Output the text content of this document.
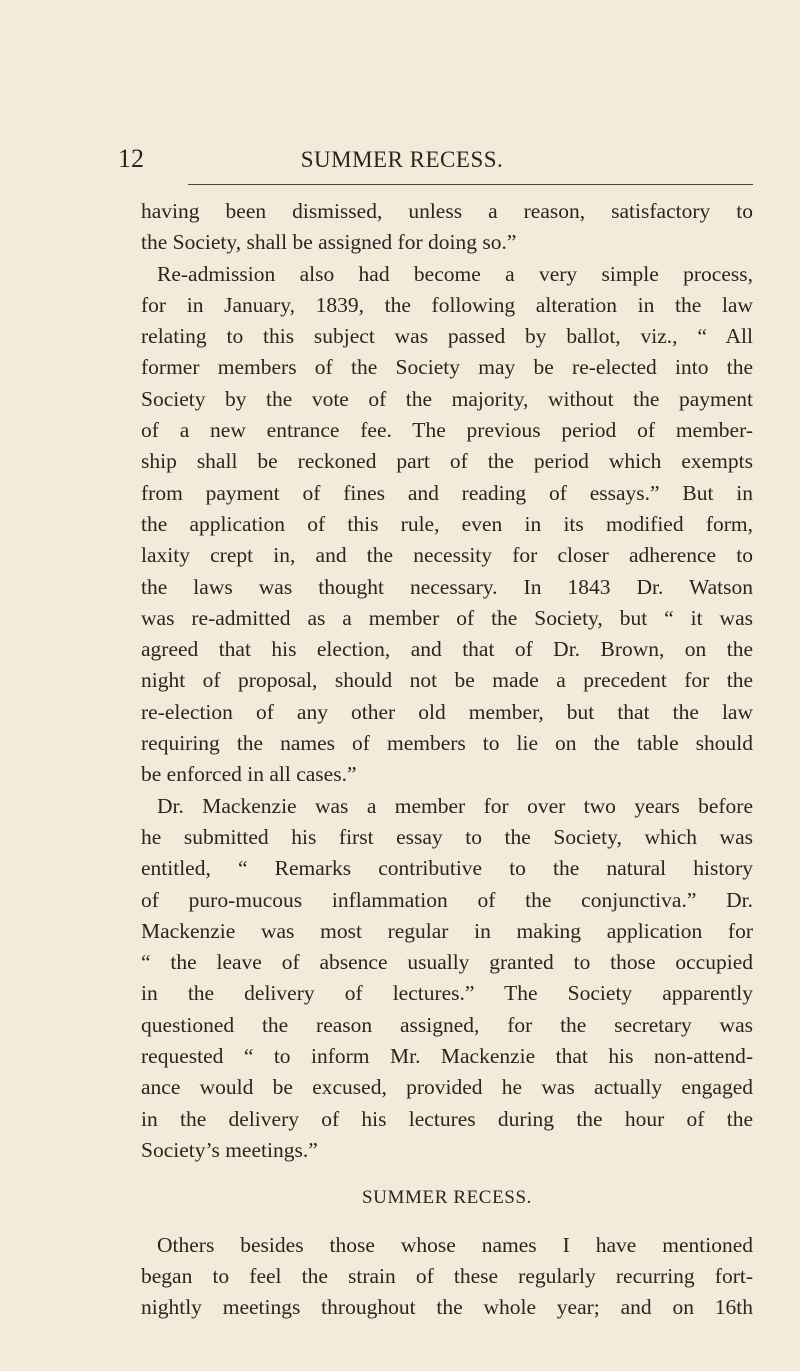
12	SUMMER RECESS.
having been dismissed, unless a reason, satisfactory to
the Society, shall be assigned for doing so.”
Re-admission also had become a very simple process,
for in January, 1839, the following alteration in the law
relating to this subject was passed by ballot, viz., “ All
former members of the Society may be re-elected into the
Society by the vote of the majority, without the payment
of a new entrance fee. The previous period of member-
ship shall be reckoned part of the period which exempts
from payment of fines and reading of essays.” But in
the application of this rule, even in its modified form,
laxity crept in, and the necessity for closer adherence to
the laws was thought necessary. In 1843 Dr. Watson
was re-admitted as a member of the Society, but “ it was
agreed that his election, and that of Dr. Brown, on the
night of proposal, should not be made a precedent for the
re-election of any other old member, but that the law
requiring the names of members to lie on the table should
be enforced in all cases.”
Dr. Mackenzie was a member for over two years before
he submitted his first essay to the Society, which was
entitled, “ Remarks contributive to the natural history
of puro-mucous inflammation of the conjunctiva.” Dr.
Mackenzie was most regular in making application for
“ the leave of absence usually granted to those occupied
in the delivery of lectures.” The Society apparently
questioned the reason assigned, for the secretary was
requested “ to inform Mr. Mackenzie that his non-attend-
ance would be excused, provided he was actually engaged
in the delivery of his lectures during the hour of the
Society’s meetings.”
SUMMER RECESS.
Others besides those whose names I have mentioned
began to feel the strain of these regularly recurring fort-
nightly meetings throughout the whole year; and on 16th
